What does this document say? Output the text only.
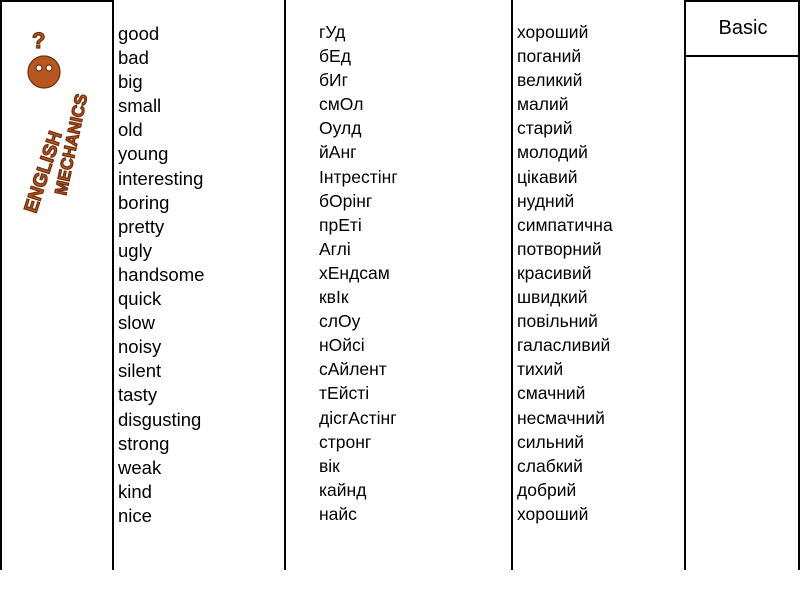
?
ENGLISH
MECHANICS
Basic
good
bad
big
small
old
young
interesting
boring
pretty
ugly
handsome
quick
slow
noisy
silent
tasty
disgusting
strong
weak
kind
nice
гУд
бЕд
бИг
смОл
Оулд
йАнг
Інтрестінг
бОрінг
прЕті
Аглі
хЕндсам
квІк
слОу
нОйсі
сАйлент
тЕйсті
дісгАстінг
стронг
вік
кайнд
найс
хороший
поганий
великий
малий
старий
молодий
цікавий
нудний
симпатична
потворний
красивий
швидкий
повільний
галасливий
тихий
смачний
несмачний
сильний
слабкий
добрий
хороший
